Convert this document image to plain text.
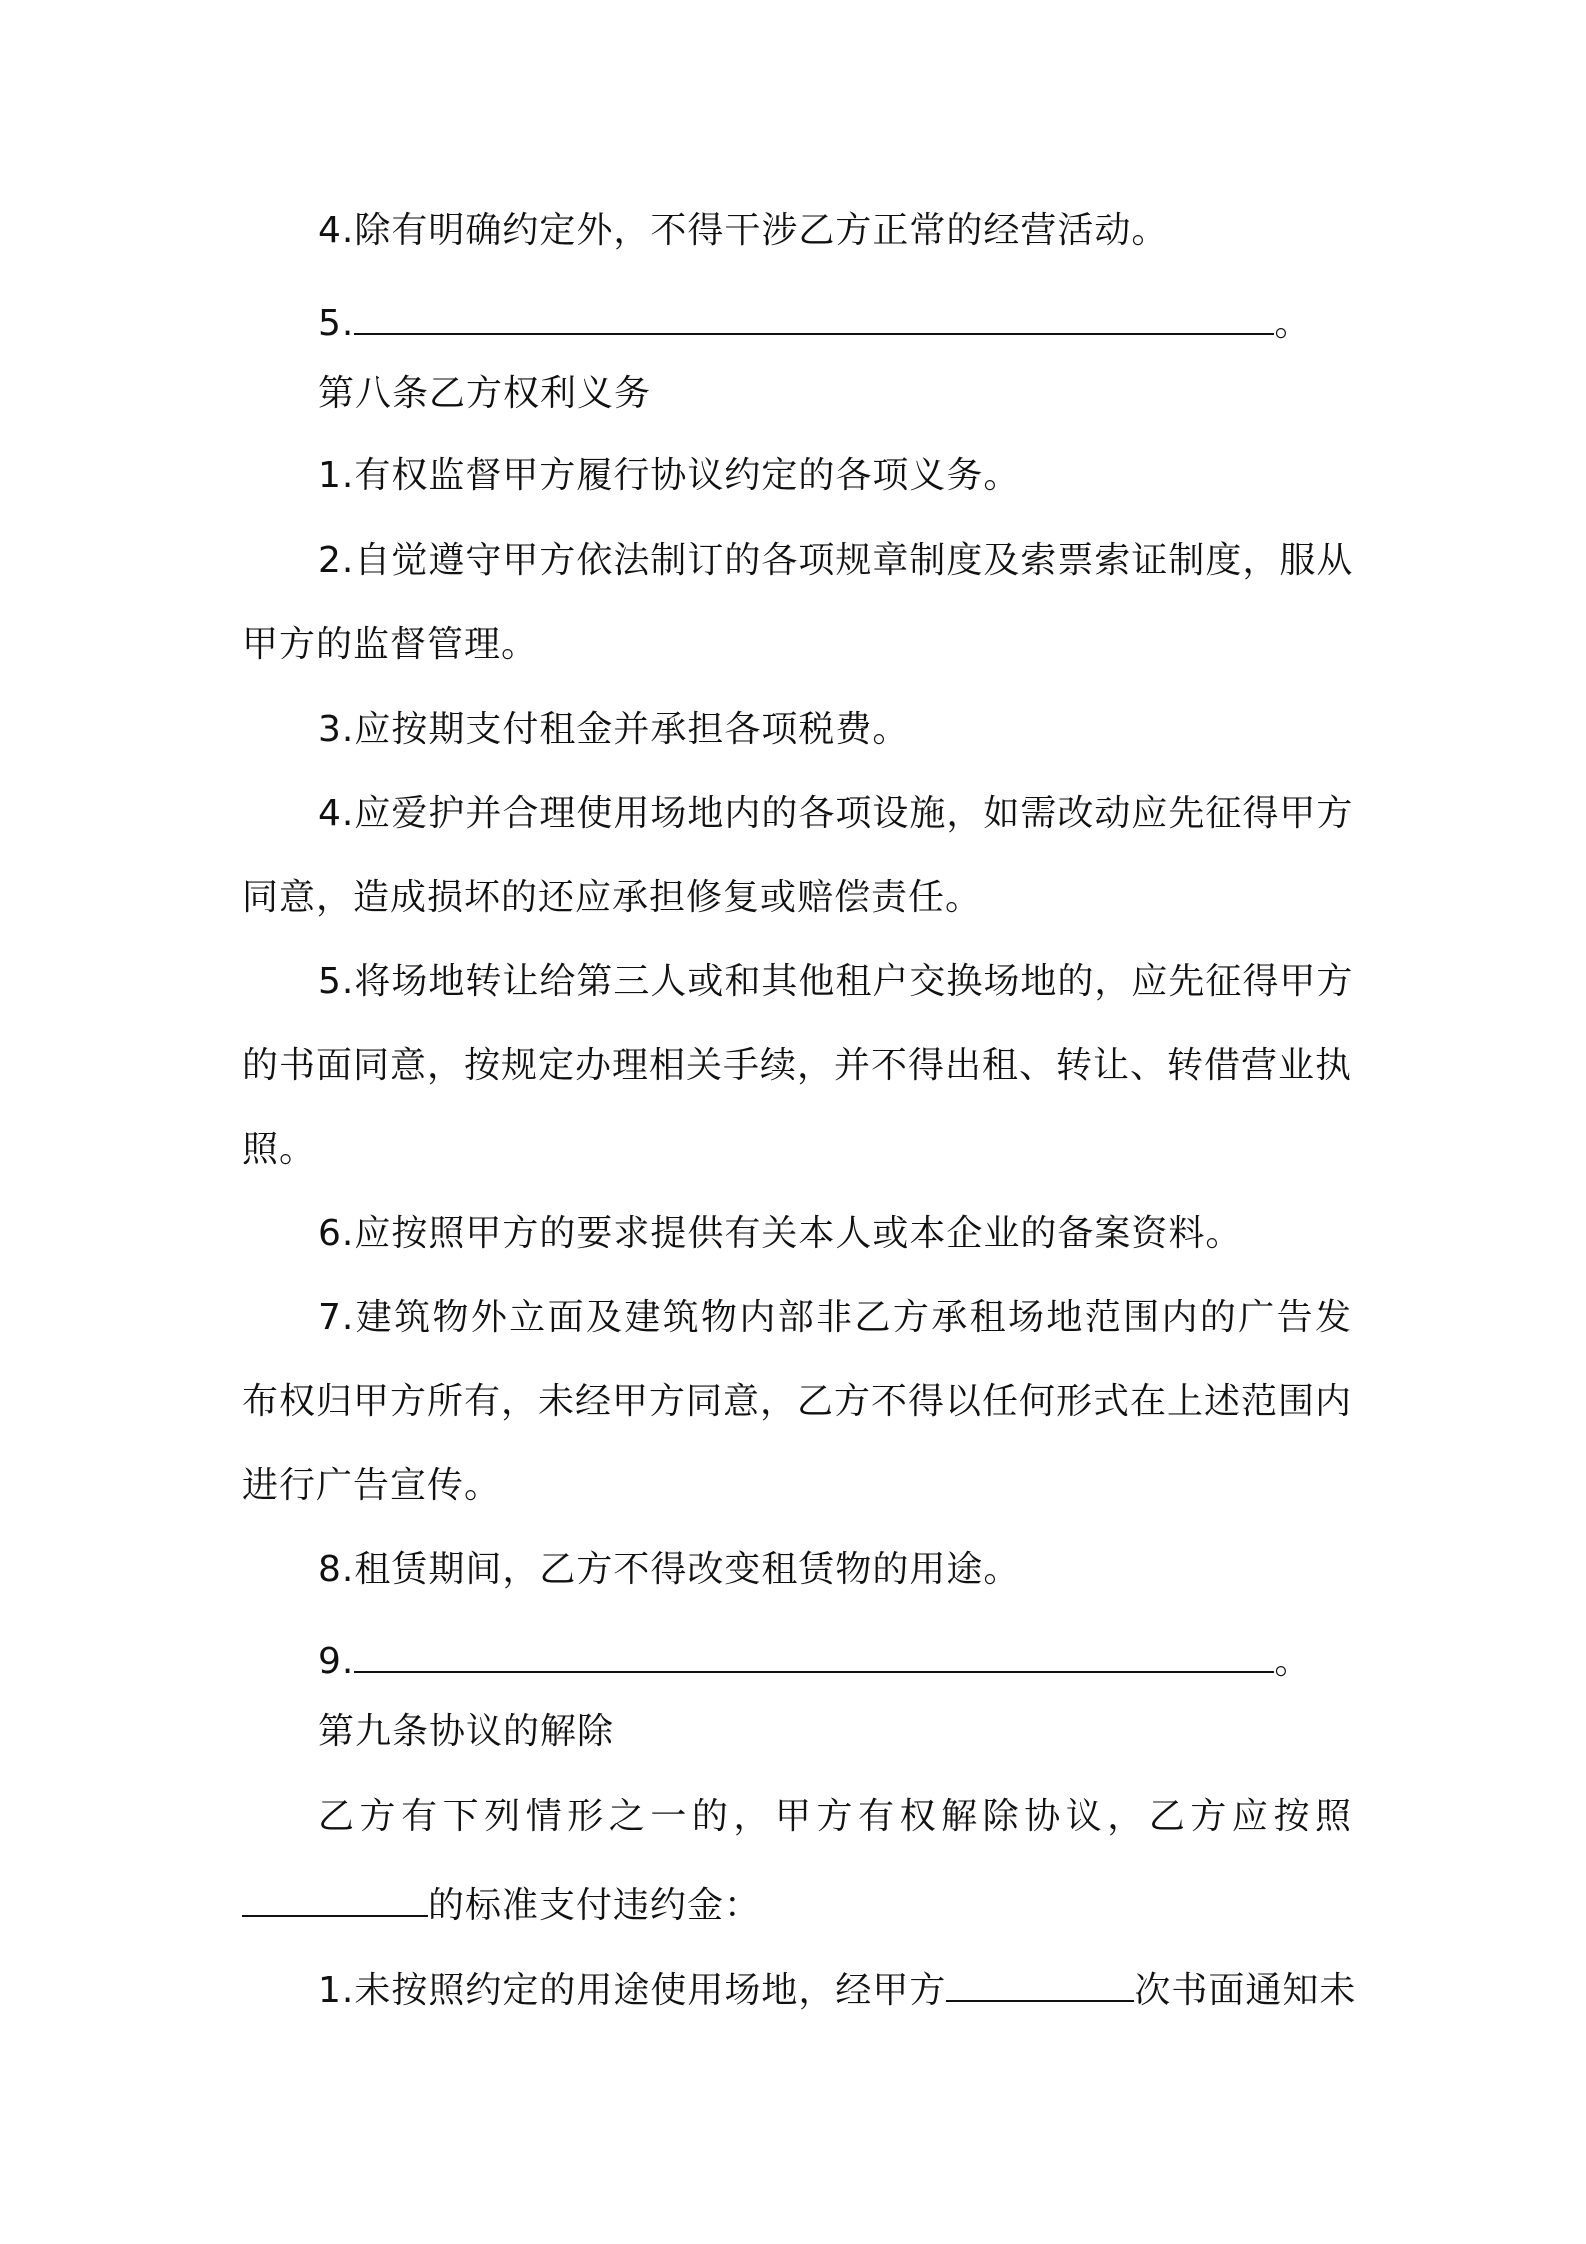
4.除有明确约定外，不得干涉乙方正常的经营活动。
5.	。
第八条乙方权利义务
1.有权监督甲方履行协议约定的各项义务。
2.自觉遵守甲方依法制订的各项规章制度及索票索证制度，服从
甲方的监督管理。
3.应按期支付租金并承担各项税费。
4.应爱护并合理使用场地内的各项设施，如需改动应先征得甲方
同意，造成损坏的还应承担修复或赔偿责任。
5.将场地转让给第三人或和其他租户交换场地的，应先征得甲方
的书面同意，按规定办理相关手续，并不得出租、转让、转借营业执
照。
6.应按照甲方的要求提供有关本人或本企业的备案资料。
7.建筑物外立面及建筑物内部非乙方承租场地范围内的广告发
布权归甲方所有，未经甲方同意，乙方不得以任何形式在上述范围内
进行广告宣传。
8.租赁期间，乙方不得改变租赁物的用途。
9.	。
第九条协议的解除
乙方有下列情形之一的，甲方有权解除协议，乙方应按照
的标准支付违约金：
1.未按照约定的用途使用场地，经甲方	次书面通知未
